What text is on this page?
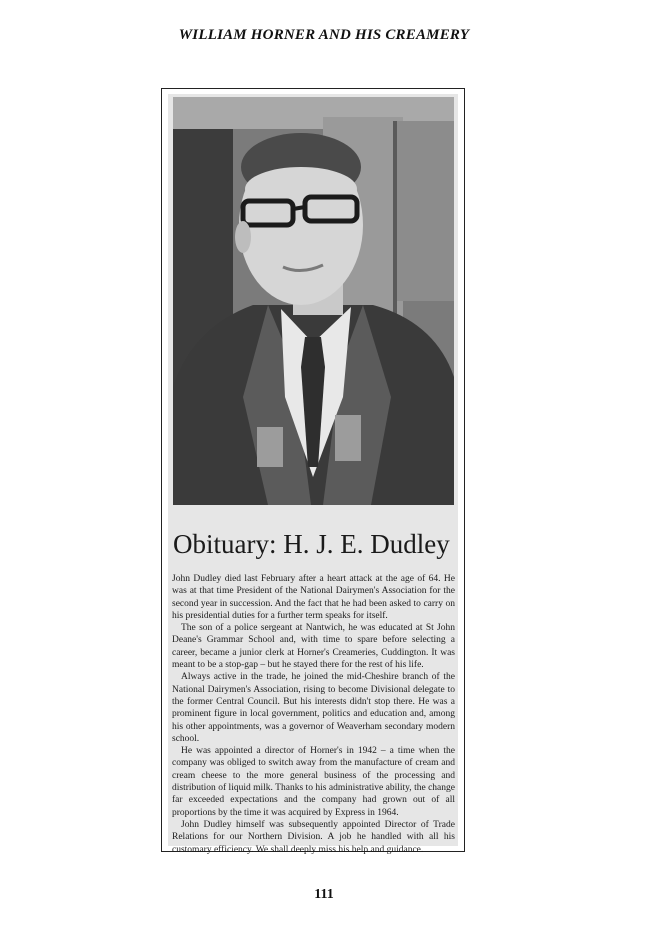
WILLIAM HORNER AND HIS CREAMERY
Obituary: H. J. E. Dudley

John Dudley died last February after a heart attack at the age of 64. He was at that time President of the National Dairymen's Association for the second year in succession. And the fact that he had been asked to carry on his presidential duties for a further term speaks for itself.

The son of a police sergeant at Nantwich, he was educated at St John Deane's Grammar School and, with time to spare before selecting a career, became a junior clerk at Horner's Creameries, Cuddington. It was meant to be a stop-gap – but he stayed there for the rest of his life.

Always active in the trade, he joined the mid-Cheshire branch of the National Dairymen's Association, rising to become Divisional delegate to the former Central Council. But his interests didn't stop there. He was a prominent figure in local government, politics and education and, among his other appointments, was a governor of Weaverham secondary modern school.

He was appointed a director of Horner's in 1942 – a time when the company was obliged to switch away from the manufacture of cream and cream cheese to the more general business of the processing and distribution of liquid milk. Thanks to his administrative ability, the change far exceeded expectations and the company had grown out of all proportions by the time it was acquired by Express in 1964.

John Dudley himself was subsequently appointed Director of Trade Relations for our Northern Division. A job he handled with all his customary efficiency. We shall deeply miss his help and guidance.

111
